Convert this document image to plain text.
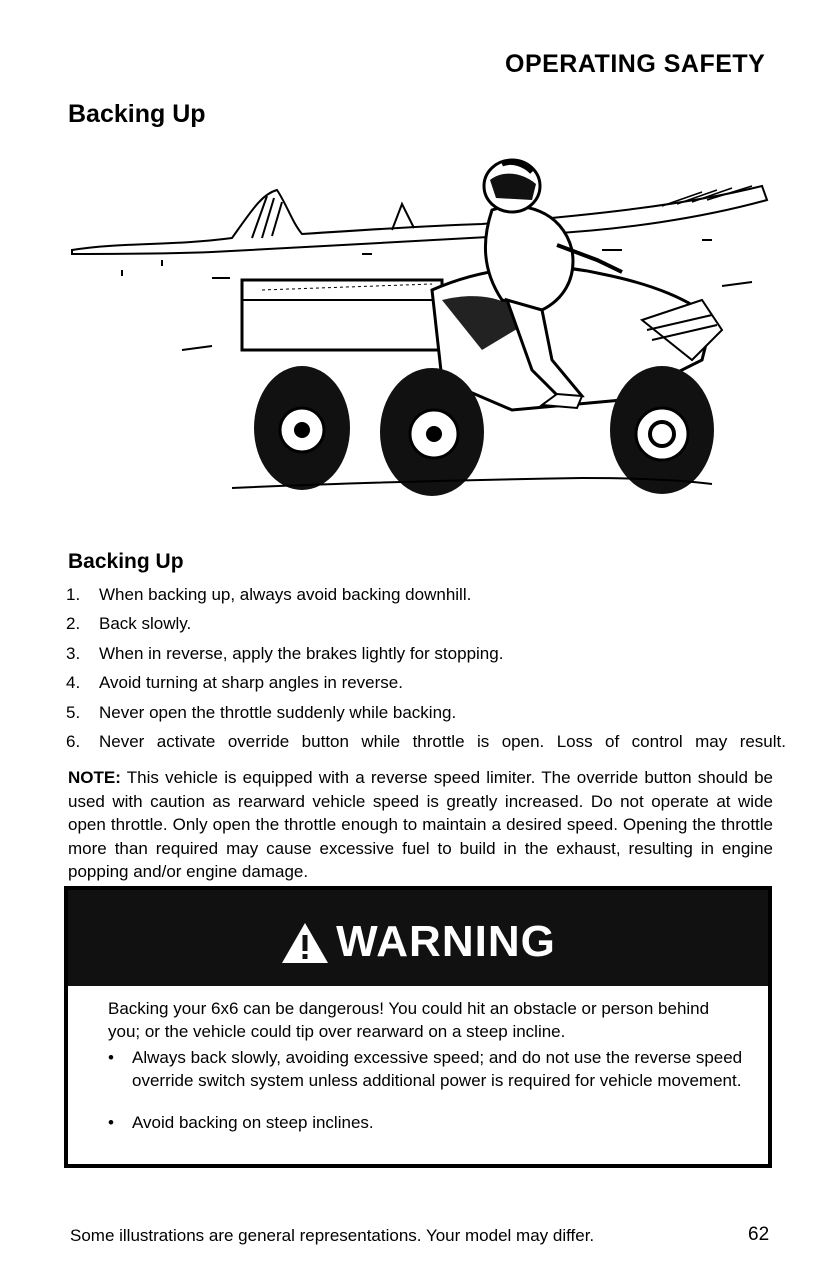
OPERATING SAFETY
Backing Up
Backing Up
1.	When backing up, always avoid backing downhill.
2.	Back slowly.
3.	When in reverse, apply the brakes lightly for stopping.
4.	Avoid turning at sharp angles in reverse.
5.	Never open the throttle suddenly while backing.
6.	Never activate override button while throttle is open. Loss of control may result.
NOTE: This vehicle is equipped with a reverse speed limiter. The override button should be used with caution as rearward vehicle speed is greatly increased. Do not operate at wide open throttle. Only open the throttle enough to maintain a desired speed. Opening the throttle more than required may cause excessive fuel to build in the exhaust, resulting in engine popping and/or engine damage.
WARNING

Backing your 6x6 can be dangerous! You could hit an obstacle or person behind you; or the vehicle could tip over rearward on a steep incline.

•	Always back slowly, avoiding excessive speed; and do not use the reverse speed override switch system unless additional power is required for vehicle movement.
•	Avoid backing on steep inclines.
Some illustrations are general representations. Your model may differ.	62
